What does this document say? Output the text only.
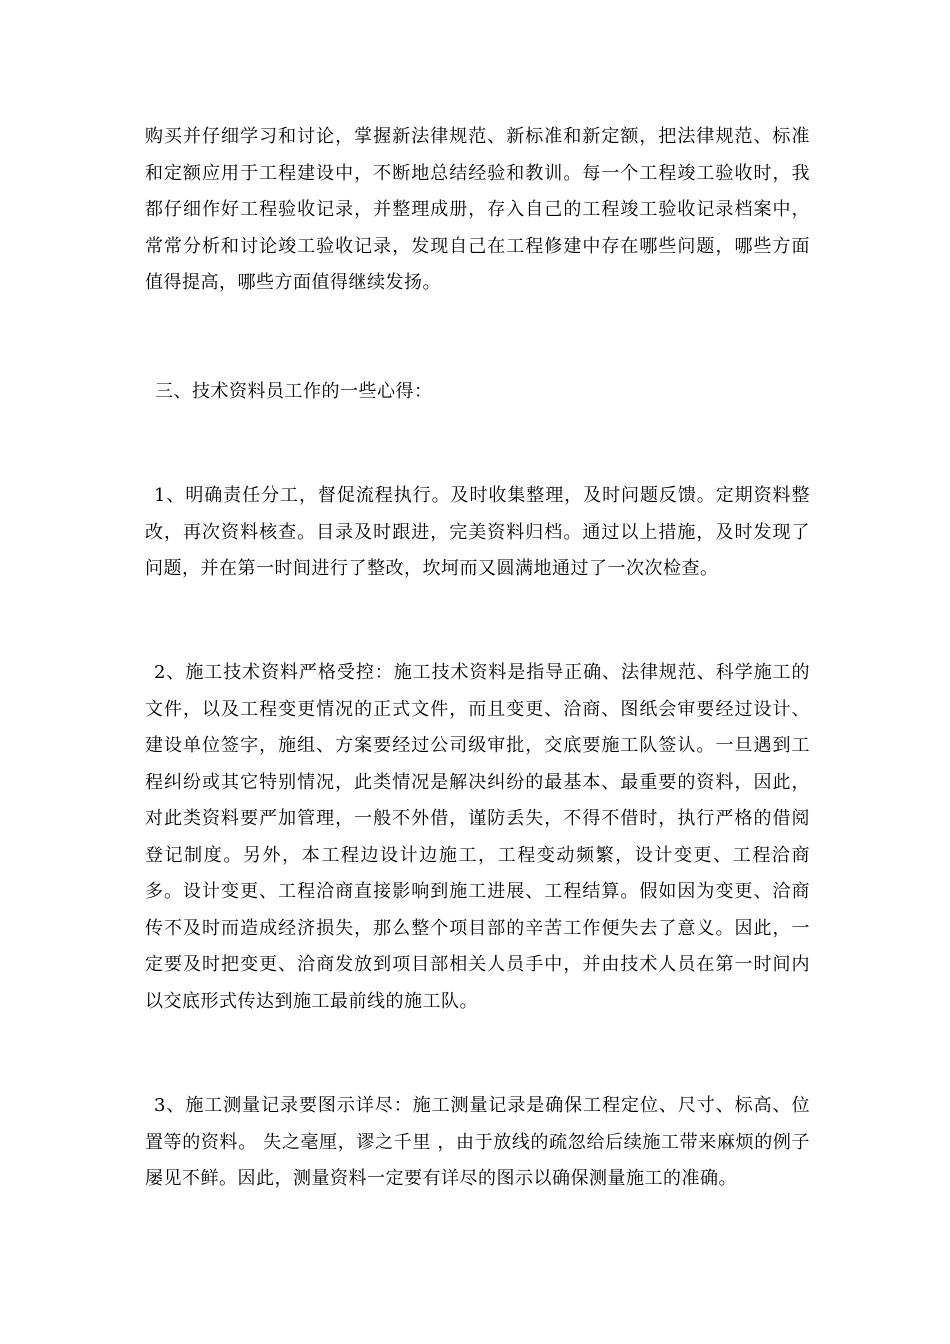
购买并仔细学习和讨论，掌握新法律规范、新标准和新定额，把法律规范、标准和定额应用于工程建设中，不断地总结经验和教训。每一个工程竣工验收时，我都仔细作好工程验收记录，并整理成册，存入自己的工程竣工验收记录档案中，常常分析和讨论竣工验收记录，发现自己在工程修建中存在哪些问题，哪些方面值得提高，哪些方面值得继续发扬。

三、技术资料员工作的一些心得：

1、明确责任分工，督促流程执行。及时收集整理，及时问题反馈。定期资料整改，再次资料核查。目录及时跟进，完美资料归档。通过以上措施，及时发现了问题，并在第一时间进行了整改，坎坷而又圆满地通过了一次次检查。

2、施工技术资料严格受控：施工技术资料是指导正确、法律规范、科学施工的文件，以及工程变更情况的正式文件，而且变更、洽商、图纸会审要经过设计、建设单位签字，施组、方案要经过公司级审批，交底要施工队签认。一旦遇到工程纠纷或其它特别情况，此类情况是解决纠纷的最基本、最重要的资料，因此，对此类资料要严加管理，一般不外借，谨防丢失，不得不借时，执行严格的借阅登记制度。另外，本工程边设计边施工，工程变动频繁，设计变更、工程洽商多。设计变更、工程洽商直接影响到施工进展、工程结算。假如因为变更、洽商传不及时而造成经济损失，那么整个项目部的辛苦工作便失去了意义。因此，一定要及时把变更、洽商发放到项目部相关人员手中，并由技术人员在第一时间内以交底形式传达到施工最前线的施工队。

3、施工测量记录要图示详尽：施工测量记录是确保工程定位、尺寸、标高、位置等的资料。 失之毫厘，谬之千里 ，由于放线的疏忽给后续施工带来麻烦的例子屡见不鲜。因此，测量资料一定要有详尽的图示以确保测量施工的准确。
